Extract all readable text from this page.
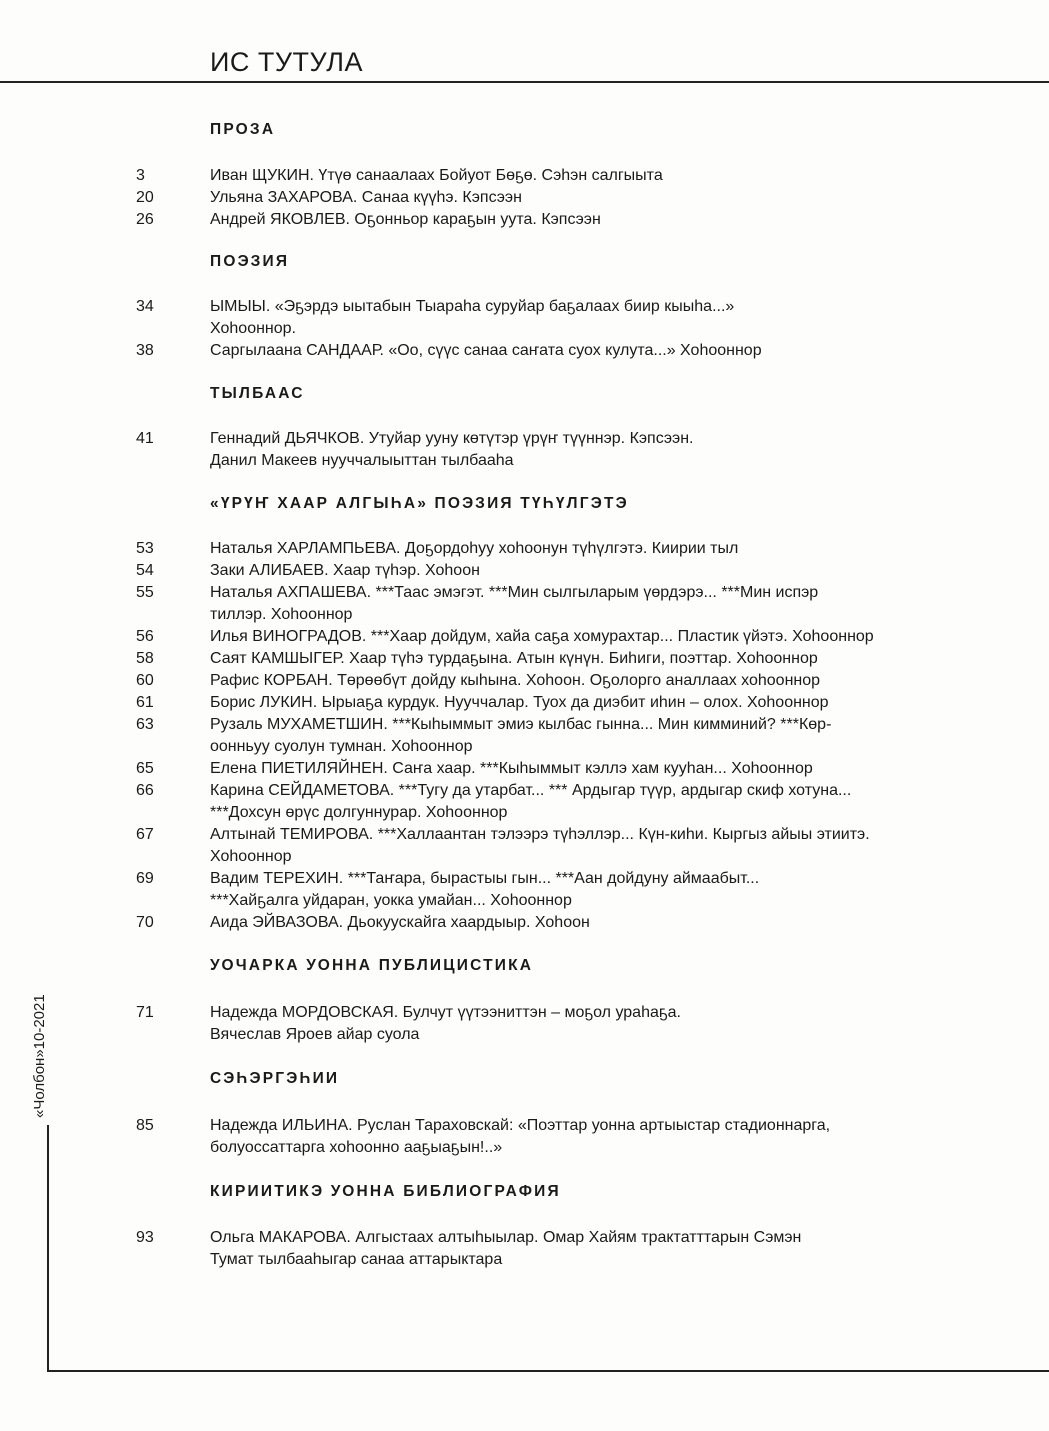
ИС ТУТУЛА
«Чолбон»10-2021
ПРОЗА
3	Иван ЩУКИН. Үтүө санаалаах Бойуот Бөҕө. Сэһэн салгыыта
20	Ульяна ЗАХАРОВА. Санаа күүһэ. Кэпсээн
26	Андрей ЯКОВЛЕВ. Оҕонньор караҕын уута. Кэпсээн
ПОЭЗИЯ
34	ЫМЫЫ. «Эҕэрдэ ыытабын Тыараһа суруйар баҕалаах биир кыыһа...»
Хоһооннор.
38	Саргылаана САНДААР. «Оо, сүүс санаа саҥата суох кулута...» Хоһооннор
ТЫЛБААС
41	Геннадий ДЬЯЧКОВ. Утуйар ууну көтүтэр үрүҥ түүннэр. Кэпсээн.
Данил Макеев нууччалыыттан тылбааһа
«ҮРҮҤ ХААР АЛГЫҺА» ПОЭЗИЯ ТҮҺҮЛГЭТЭ
53	Наталья ХАРЛАМПЬЕВА. Доҕордоһуу хоһоонун түһүлгэтэ. Киирии тыл
54	Заки АЛИБАЕВ. Хаар түһэр. Хоһоон
55	Наталья АХПАШЕВА. ***Таас эмэгэт. ***Мин сылгыларым үөрдэрэ... ***Мин испэр
тиллэр. Хоһооннор
56	Илья ВИНОГРАДОВ. ***Хаар дойдум, хайа саҕа хомурахтар... Пластик үйэтэ. Хоһооннор
58	Саят КАМШЫГЕР. Хаар түһэ турдаҕына. Атын күнүн. Биһиги, поэттар. Хоһооннор
60	Рафис КОРБАН. Төрөөбүт дойду кыһына. Хоһоон. Оҕолорго аналлаах хоһооннор
61	Борис ЛУКИН. Ырыаҕа курдук. Нууччалар. Туох да диэбит иһин – олох. Хоһооннор
63	Рузаль МУХАМЕТШИН. ***Кыһыммыт эмиэ кылбас гынна... Мин кимминий? ***Көр-
оонньуу суолун тумнан. Хоһооннор
65	Елена ПИЕТИЛЯЙНЕН. Саҥа хаар. ***Кыһыммыт кэллэ хам кууһан... Хоһооннор
66	Карина СЕЙДАМЕТОВА. ***Тугу да утарбат... *** Ардыгар түүр, ардыгар скиф хотуна...
***Дохсун өрүс долгуннурар. Хоһооннор
67	Алтынай ТЕМИРОВА. ***Халлаантан тэлээрэ түһэллэр... Күн-киһи. Кыргыз айыы этиитэ.
Хоһооннор
69	Вадим ТЕРЕХИН. ***Таҥара, бырастыы гын... ***Аан дойдуну аймаабыт...
***Хайҕалга уйдаран, уокка умайан... Хоһооннор
70	Аида ЭЙВАЗОВА. Дьокуускайга хаардыыр. Хоһоон
УОЧАРКА УОННА ПУБЛИЦИСТИКА
71	Надежда МОРДОВСКАЯ. Булчут үүтээниттэн – моҕол ураһаҕа.
Вячеслав Яроев айар суола
СЭҺЭРГЭҺИИ
85	Надежда ИЛЬИНА. Руслан Тараховскай: «Поэттар уонна артыыстар стадионнарга,
болуоссаттарга хоһоонно ааҕыаҕын!..»
КИРИИТИКЭ УОННА БИБЛИОГРАФИЯ
93	Ольга МАКАРОВА. Алгыстаах алтыһыылар. Омар Хайям трактатттарын Сэмэн
Тумат тылбааһыгар санаа аттарыктара
